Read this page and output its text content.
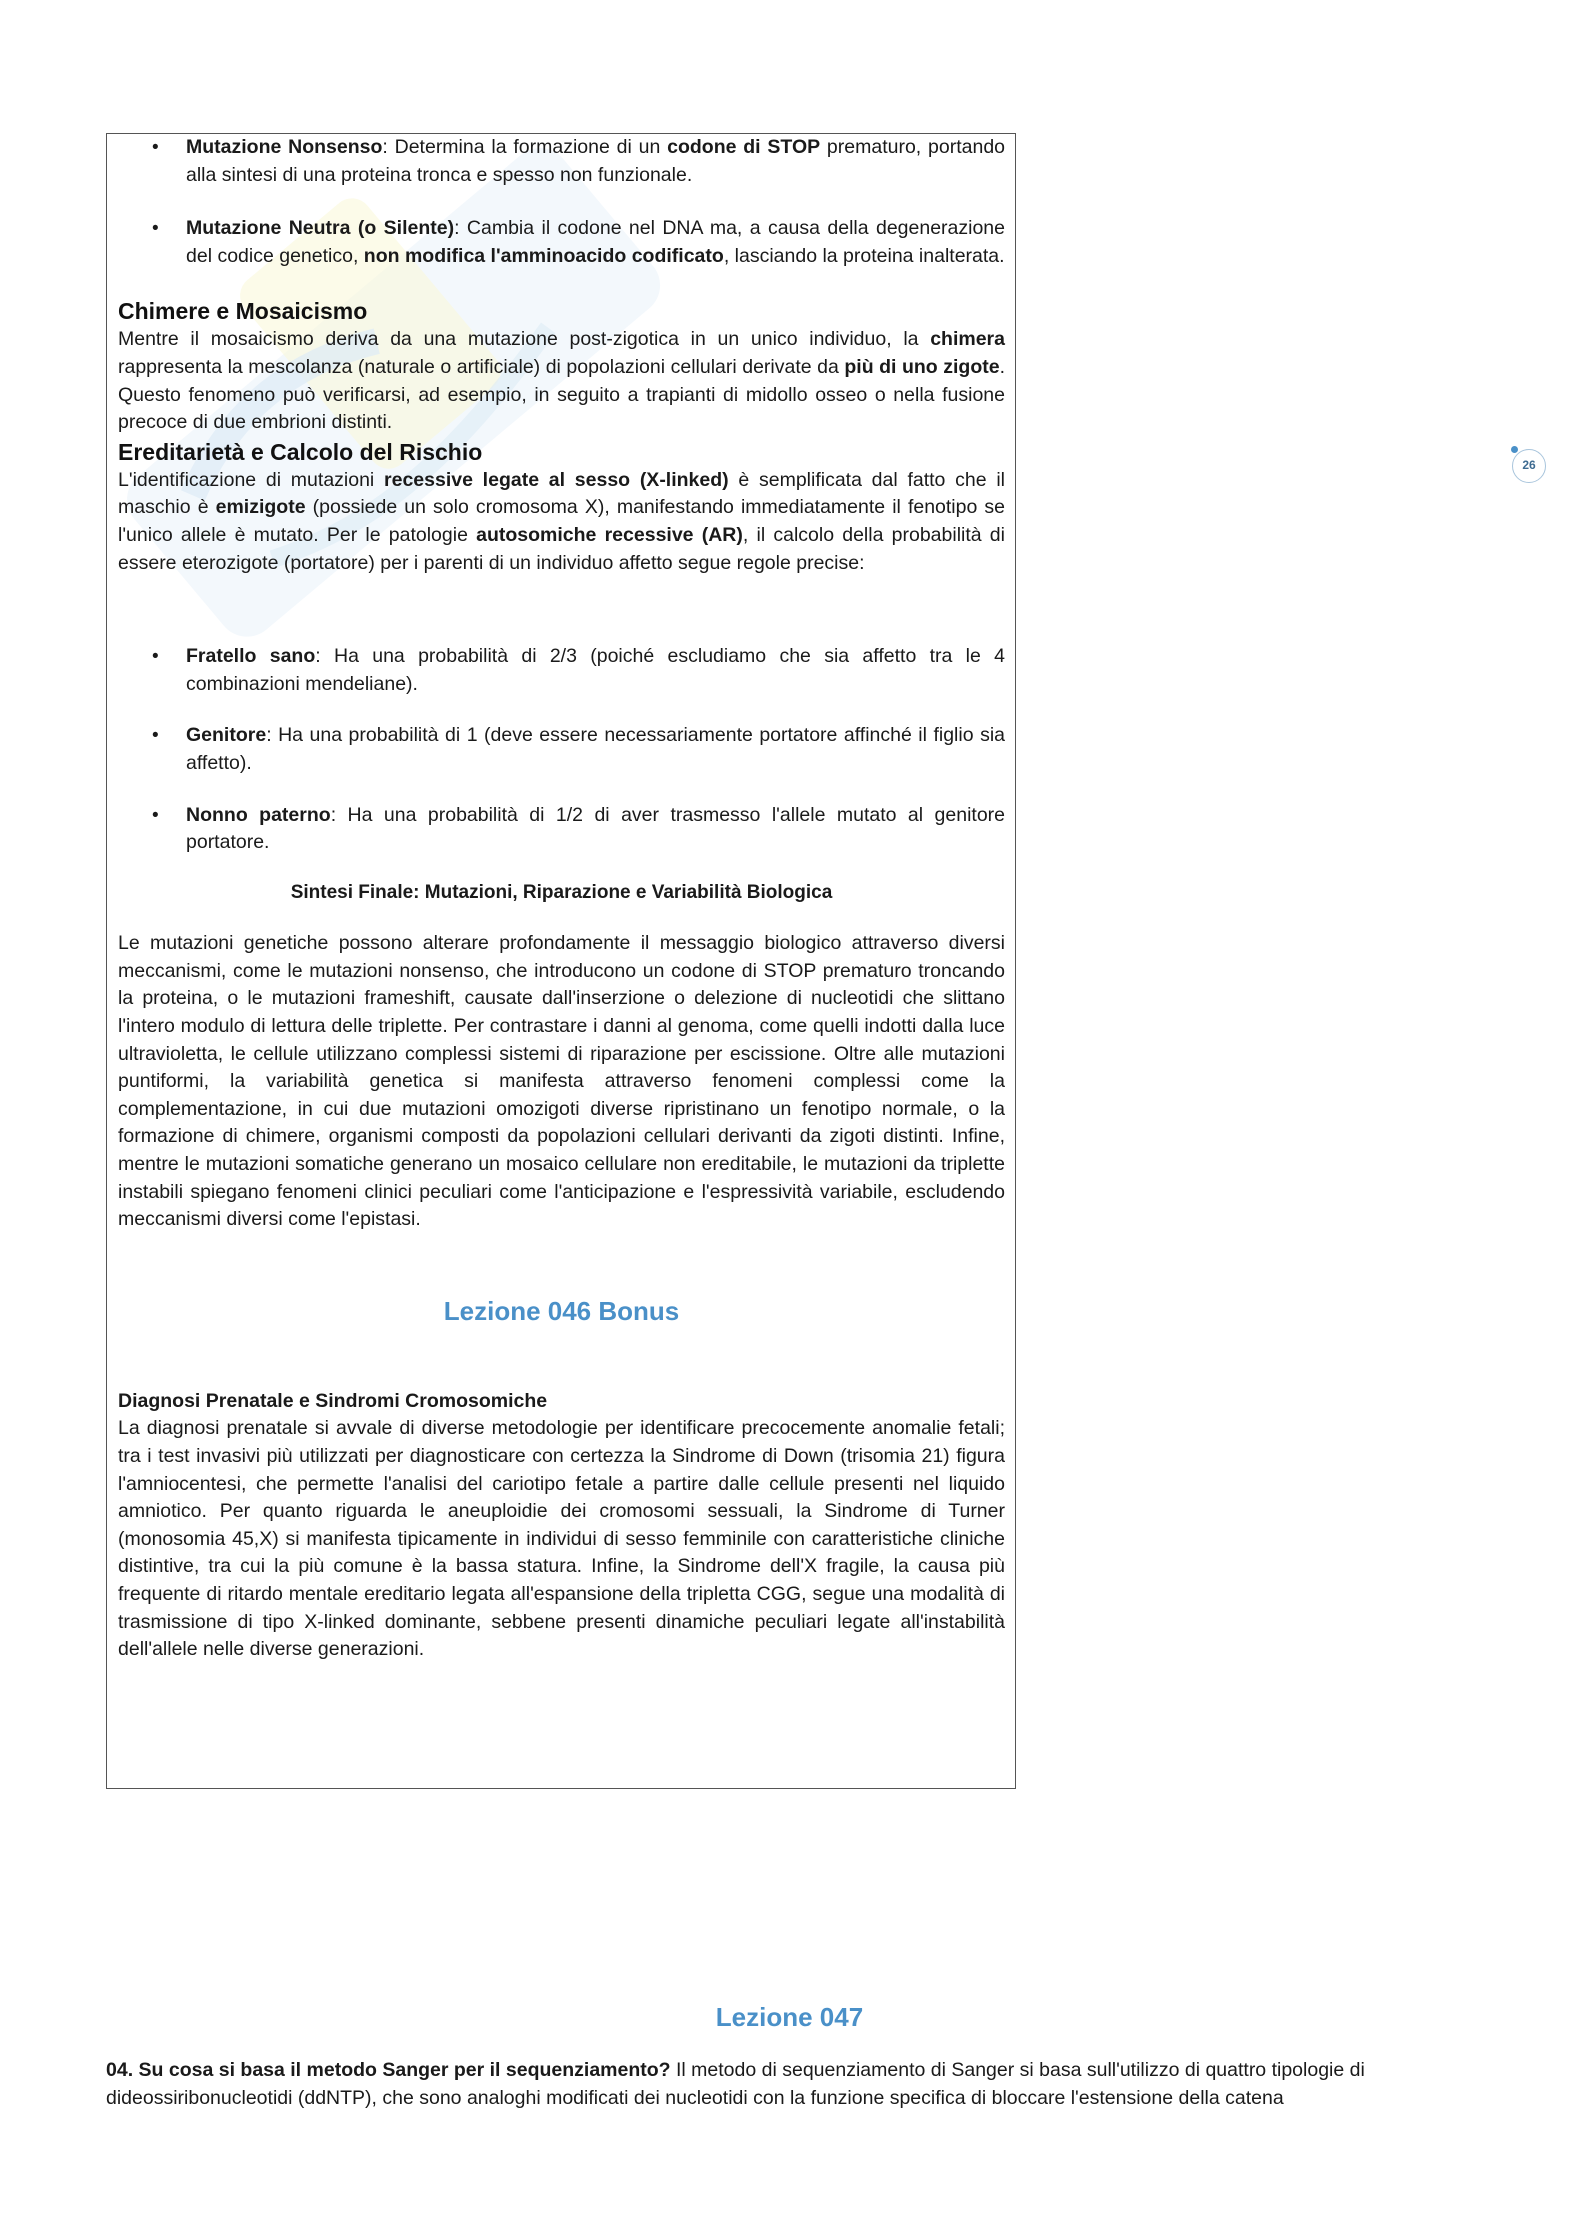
• Mutazione Nonsenso: Determina la formazione di un codone di STOP prematuro, portando alla sintesi di una proteina tronca e spesso non funzionale.
• Mutazione Neutra (o Silente): Cambia il codone nel DNA ma, a causa della degenerazione del codice genetico, non modifica l'amminoacido codificato, lasciando la proteina inalterata.
Chimere e Mosaicismo

Mentre il mosaicismo deriva da una mutazione post-zigotica in un unico individuo, la chimera rappresenta la mescolanza (naturale o artificiale) di popolazioni cellulari derivate da più di uno zigote. Questo fenomeno può verificarsi, ad esempio, in seguito a trapianti di midollo osseo o nella fusione precoce di due embrioni distinti.

Ereditarietà e Calcolo del Rischio

L'identificazione di mutazioni recessive legate al sesso (X-linked) è semplificata dal fatto che il maschio è emizigote (possiede un solo cromosoma X), manifestando immediatamente il fenotipo se l'unico allele è mutato. Per le patologie autosomiche recessive (AR), il calcolo della probabilità di essere eterozigote (portatore) per i parenti di un individuo affetto segue regole precise:

• Fratello sano: Ha una probabilità di 2/3 (poiché escludiamo che sia affetto tra le 4 combinazioni mendeliane).
• Genitore: Ha una probabilità di 1 (deve essere necessariamente portatore affinché il figlio sia affetto).
• Nonno paterno: Ha una probabilità di 1/2 di aver trasmesso l'allele mutato al genitore portatore.
Sintesi Finale: Mutazioni, Riparazione e Variabilità Biologica

Le mutazioni genetiche possono alterare profondamente il messaggio biologico attraverso diversi meccanismi, come le mutazioni nonsenso, che introducono un codone di STOP prematuro troncando la proteina, o le mutazioni frameshift, causate dall'inserzione o delezione di nucleotidi che slittano l'intero modulo di lettura delle triplette. Per contrastare i danni al genoma, come quelli indotti dalla luce ultravioletta, le cellule utilizzano complessi sistemi di riparazione per escissione. Oltre alle mutazioni puntiformi, la variabilità genetica si manifesta attraverso fenomeni complessi come la complementazione, in cui due mutazioni omozigoti diverse ripristinano un fenotipo normale, o la formazione di chimere, organismi composti da popolazioni cellulari derivanti da zigoti distinti. Infine, mentre le mutazioni somatiche generano un mosaico cellulare non ereditabile, le mutazioni da triplette instabili spiegano fenomeni clinici peculiari come l'anticipazione e l'espressività variabile, escludendo meccanismi diversi come l'epistasi.

Lezione 046 Bonus
Diagnosi Prenatale e Sindromi Cromosomiche

La diagnosi prenatale si avvale di diverse metodologie per identificare precocemente anomalie fetali; tra i test invasivi più utilizzati per diagnosticare con certezza la Sindrome di Down (trisomia 21) figura l'amniocentesi, che permette l'analisi del cariotipo fetale a partire dalle cellule presenti nel liquido amniotico. Per quanto riguarda le aneuploidie dei cromosomi sessuali, la Sindrome di Turner (monosomia 45,X) si manifesta tipicamente in individui di sesso femminile con caratteristiche cliniche distintive, tra cui la più comune è la bassa statura. Infine, la Sindrome dell'X fragile, la causa più frequente di ritardo mentale ereditario legata all'espansione della tripletta CGG, segue una modalità di trasmissione di tipo X-linked dominante, sebbene presenti dinamiche peculiari legate all'instabilità dell'allele nelle diverse generazioni.

26
Lezione 047
04. Su cosa si basa il metodo Sanger per il sequenziamento? Il metodo di sequenziamento di Sanger si basa sull'utilizzo di quattro tipologie di dideossiribonucleotidi (ddNTP), che sono analoghi modificati dei nucleotidi con la funzione specifica di bloccare l'estensione della catena
